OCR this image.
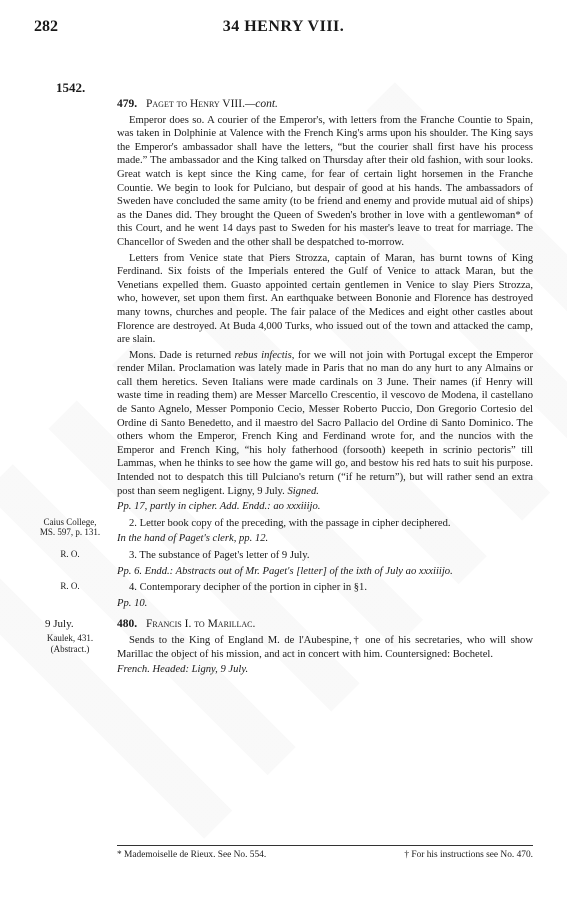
34 HENRY VIII.
282
1542.
479. Paget to Henry VIII.—cont.

Emperor does so. A courier of the Emperor's, with letters from the Franche Countie to Spain, was taken in Dolphinie at Valence with the French King's arms upon his shoulder. The King says the Emperor's ambassador shall have the letters, “but the courier shall first have his process made.” The ambassador and the King talked on Thursday after their old fashion, with sour looks. Great watch is kept since the King came, for fear of certain light horsemen in the Franche Countie. We begin to look for Pulciano, but despair of good at his hands. The ambassadors of Sweden have concluded the same amity (to be friend and enemy and provide mutual aid of ships) as the Danes did. They brought the Queen of Sweden's brother in love with a gentlewoman* of this Court, and he went 14 days past to Sweden for his master's leave to treat for marriage. The Chancellor of Sweden and the other shall be despatched to-morrow.

Letters from Venice state that Piers Strozza, captain of Maran, has burnt towns of King Ferdinand. Six foists of the Imperials entered the Gulf of Venice to attack Maran, but the Venetians expelled them. Guasto appointed certain gentlemen in Venice to slay Piers Strozza, who, however, set upon them first. An earthquake between Bononie and Florence has destroyed many towns, churches and people. The fair palace of the Medices and eight other castles about Florence are destroyed. At Buda 4,000 Turks, who issued out of the town and attacked the camp, are slain.

Mons. Dade is returned rebus infectis, for we will not join with Portugal except the Emperor render Milan. Proclamation was lately made in Paris that no man do any hurt to any Almains or call them heretics. Seven Italians were made cardinals on 3 June. Their names (if Henry will waste time in reading them) are Messer Marcello Crescentio, il vescovo de Modena, il castellano de Santo Agnelo, Messer Pomponio Cecio, Messer Roberto Puccio, Don Gregorio Cortesio del Ordine di Santo Benedetto, and il maestro del Sacro Pallacio del Ordine di Santo Dominico. The others whom the Emperor, French King and Ferdinand wrote for, and the nuncios with the Emperor and French King, “his holy fatherhood (forsooth) keepeth in scrinio pectoris” till Lammas, when he thinks to see how the game will go, and bestow his red hats to suit his purpose. Intended not to despatch this till Pulciano's return (“if he return”), but will rather send an extra post than seem negligent. Ligny, 9 July. Signed.

Pp. 17, partly in cipher. Add. Endd.: ao xxxiiijo.
Caius College, MS. 597, p. 131.
2. Letter book copy of the preceding, with the passage in cipher deciphered.
In the hand of Paget's clerk, pp. 12.
R. O.	3. The substance of Paget's letter of 9 July.
Pp. 6. Endd.: Abstracts out of Mr. Paget's [letter] of the ixth of July ao xxxiiijo.
R. O.	4. Contemporary decipher of the portion in cipher in §1.
Pp. 10.
9 July.
Kaulek, 431. (Abstract.)
480. Francis I. to Marillac.
Sends to the King of England M. de l'Aubespine,† one of his secretaries, who will show Marillac the object of his mission, and act in concert with him. Countersigned: Bochetel.
French. Headed: Ligny, 9 July.
* Mademoiselle de Rieux. See No. 554.	† For his instructions see No. 470.
